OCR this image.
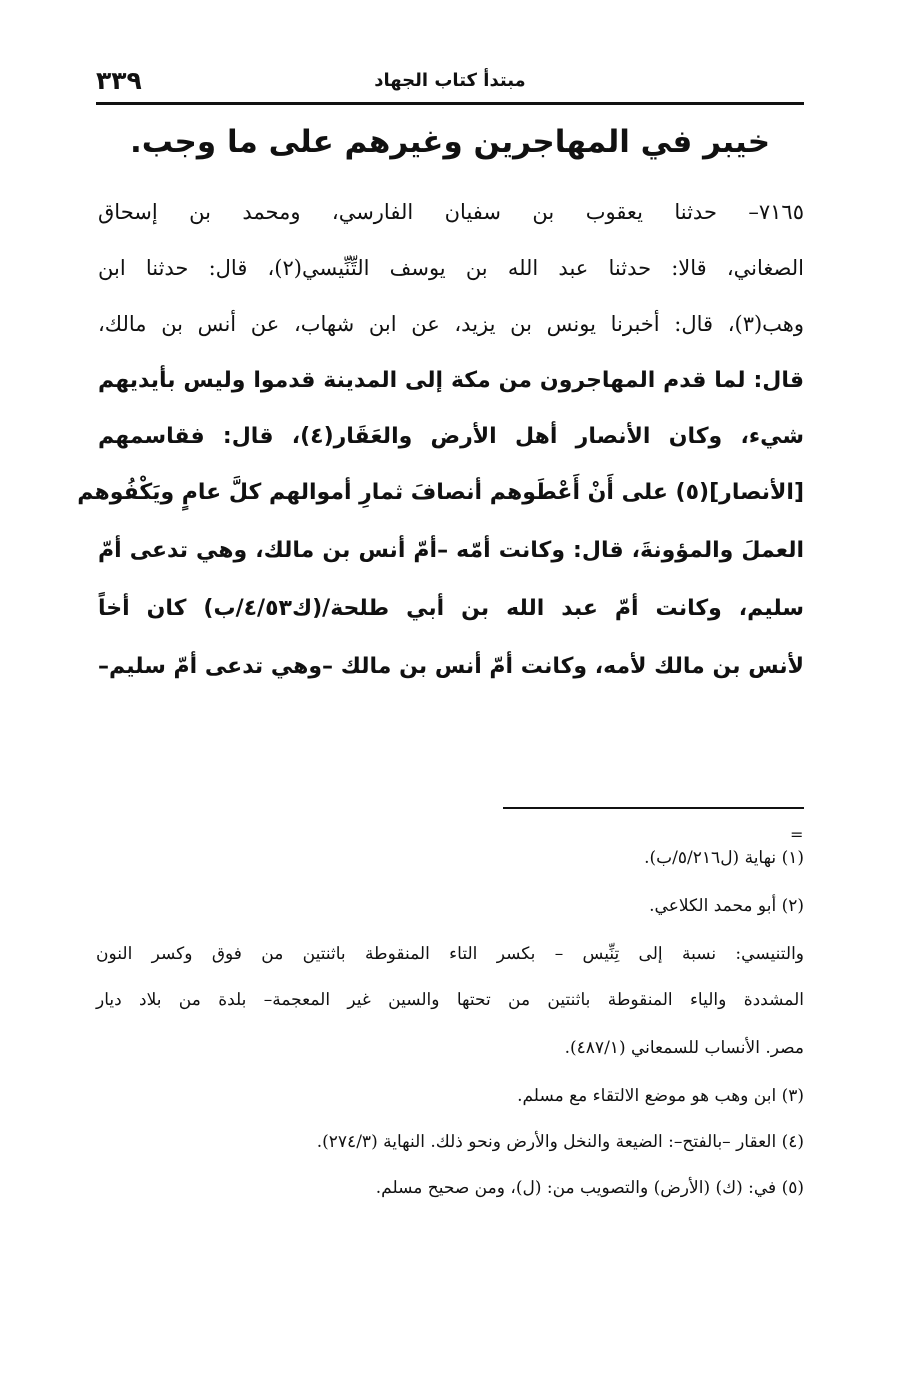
٣٣٩	مبتدأ كتاب الجهاد
خيبر في المهاجرين وغيرهم على ما وجب.
٧١٦٥– حدثنا يعقوب بن سفيان الفارسي، ومحمد بن إسحاق
الصغاني، قالا: حدثنا عبد الله بن يوسف التِّنِّيسي(٢)، قال: حدثنا ابن
وهب(٣)، قال: أخبرنا يونس بن يزيد، عن ابن شهاب، عن أنس بن مالك،
قال: لما قدم المهاجرون من مكة إلى المدينة قدموا وليس بأيديهم
شيء، وكان الأنصار أهل الأرض والعَقَار(٤)، قال: فقاسمهم
[الأنصار](٥) على أَنْ أَعْطَوهم أنصافَ ثمارِ أموالهم كلَّ عامٍ ويَكْفُوهم
العملَ والمؤونةَ، قال: وكانت أمّه –أمّ أنس بن مالك، وهي تدعى أمّ
سليم، وكانت أمّ عبد الله بن أبي طلحة/(ك٤/٥٣/ب) كان أخاً
لأنس بن مالك لأمه، وكانت أمّ أنس بن مالك –وهي تدعى أمّ سليم–
=
(١) نهاية (ل٥/٢١٦/ب).
(٢) أبو محمد الكلاعي.
والتنيسي: نسبة إلى تِنِّيس – بكسر التاء المنقوطة باثنتين من فوق وكسر النون
المشددة والياء المنقوطة باثنتين من تحتها والسين غير المعجمة– بلدة من بلاد ديار
مصر. الأنساب للسمعاني (٤٨٧/١).
(٣) ابن وهب هو موضع الالتقاء مع مسلم.
(٤) العقار –بالفتح–: الضيعة والنخل والأرض ونحو ذلك. النهاية (٢٧٤/٣).
(٥) في: (ك) (الأرض) والتصويب من: (ل)، ومن صحيح مسلم.
